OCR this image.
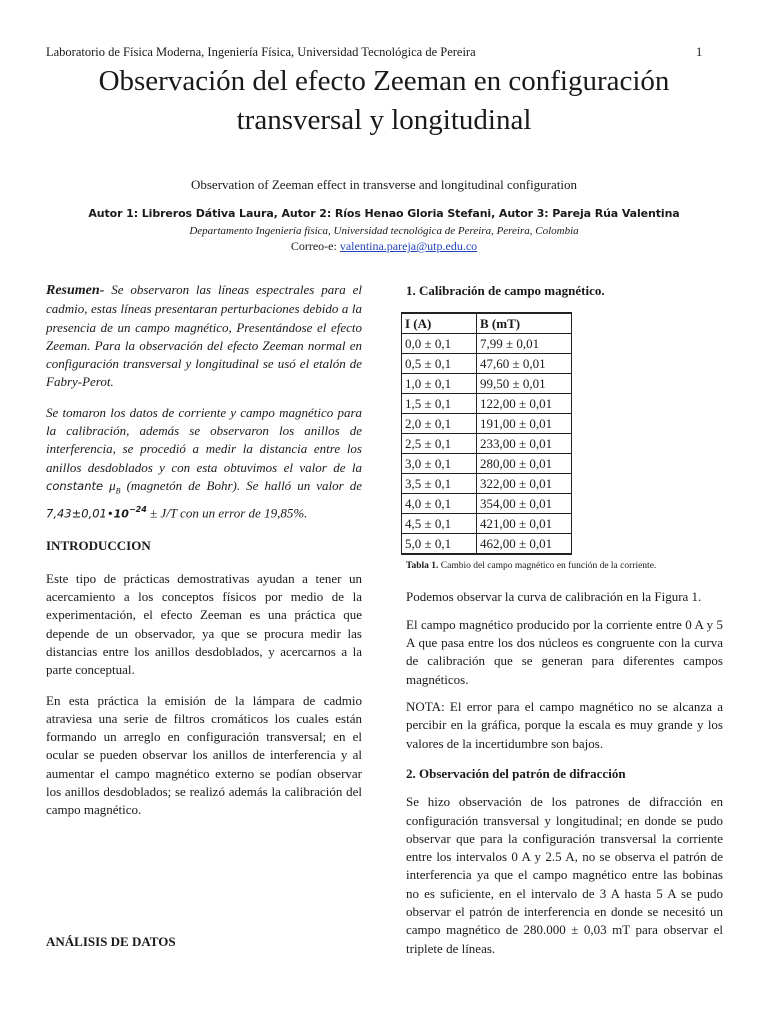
Laboratorio de Física Moderna, Ingeniería Física, Universidad Tecnológica de Pereira	1
Observación del efecto Zeeman en configuración
transversal y longitudinal
Observation of Zeeman effect in transverse and longitudinal configuration
Autor 1: Libreros Dátiva Laura, Autor 2: Ríos Henao Gloria Stefani, Autor 3: Pareja Rúa Valentina
Departamento Ingeniería física, Universidad tecnológica de Pereira, Pereira, Colombia
Correo-e: valentina.pareja@utp.edu.co

Resumen- Se observaron las líneas espectrales para el cadmio, estas líneas presentaran perturbaciones debido a la presencia de un campo magnético, Presentándose el efecto Zeeman. Para la observación del efecto Zeeman normal en configuración transversal y longitudinal se usó el etalón de Fabry-Perot.

Se tomaron los datos de corriente y campo magnético para la calibración, además se observaron los anillos de interferencia, se procedió a medir la distancia entre los anillos desdoblados y con esta obtuvimos el valor de la constante $\mu_B$ (magnetón de Bohr). Se halló un valor de $7,43\pm 0,01•10^{-24} \pm J/T$ con un error de 19,85%.

INTRODUCCION

Este tipo de prácticas demostrativas ayudan a tener un acercamiento a los conceptos físicos por medio de la experimentación, el efecto Zeeman es una práctica que depende de un observador, ya que se procura medir las distancias entre los anillos desdoblados, y acercarnos a la parte conceptual.

En esta práctica la emisión de la lámpara de cadmio atraviesa una serie de filtros cromáticos los cuales están formando un arreglo en configuración transversal; en el ocular se pueden observar los anillos de interferencia y al aumentar el campo magnético externo se podían observar los anillos desdoblados; se realizó además la calibración del campo magnético.

ANÁLISIS DE DATOS

1. Calibración de campo magnético.

I (A)	B (mT)
0,0 ± 0,1	7,99 ± 0,01
0,5 ± 0,1	47,60 ± 0,01
1,0 ± 0,1	99,50 ± 0,01
1,5 ± 0,1	122,00 ± 0,01
2,0 ± 0,1	191,00 ± 0,01
2,5 ± 0,1	233,00 ± 0,01
3,0 ± 0,1	280,00 ± 0,01
3,5 ± 0,1	322,00 ± 0,01
4,0 ± 0,1	354,00 ± 0,01
4,5 ± 0,1	421,00 ± 0,01
5,0 ± 0,1	462,00 ± 0,01
Tabla 1. Cambio del campo magnético en función de la corriente.

Podemos observar la curva de calibración en la Figura 1.

El campo magnético producido por la corriente entre 0 A y 5 A que pasa entre los dos núcleos es congruente con la curva de calibración que se generan para diferentes campos magnéticos.

NOTA: El error para el campo magnético no se alcanza a percibir en la gráfica, porque la escala es muy grande y los valores de la incertidumbre son bajos.

2. Observación del patrón de difracción

Se hizo observación de los patrones de difracción en configuración transversal y longitudinal; en donde se pudo observar que para la configuración transversal la corriente entre los intervalos 0 A y 2.5 A, no se observa el patrón de interferencia ya que el campo magnético entre las bobinas no es suficiente, en el intervalo de 3 A hasta 5 A se pudo observar el patrón de interferencia en donde se necesitó un campo magnético de 280.000 ± 0,03 mT para observar el triplete de líneas.
